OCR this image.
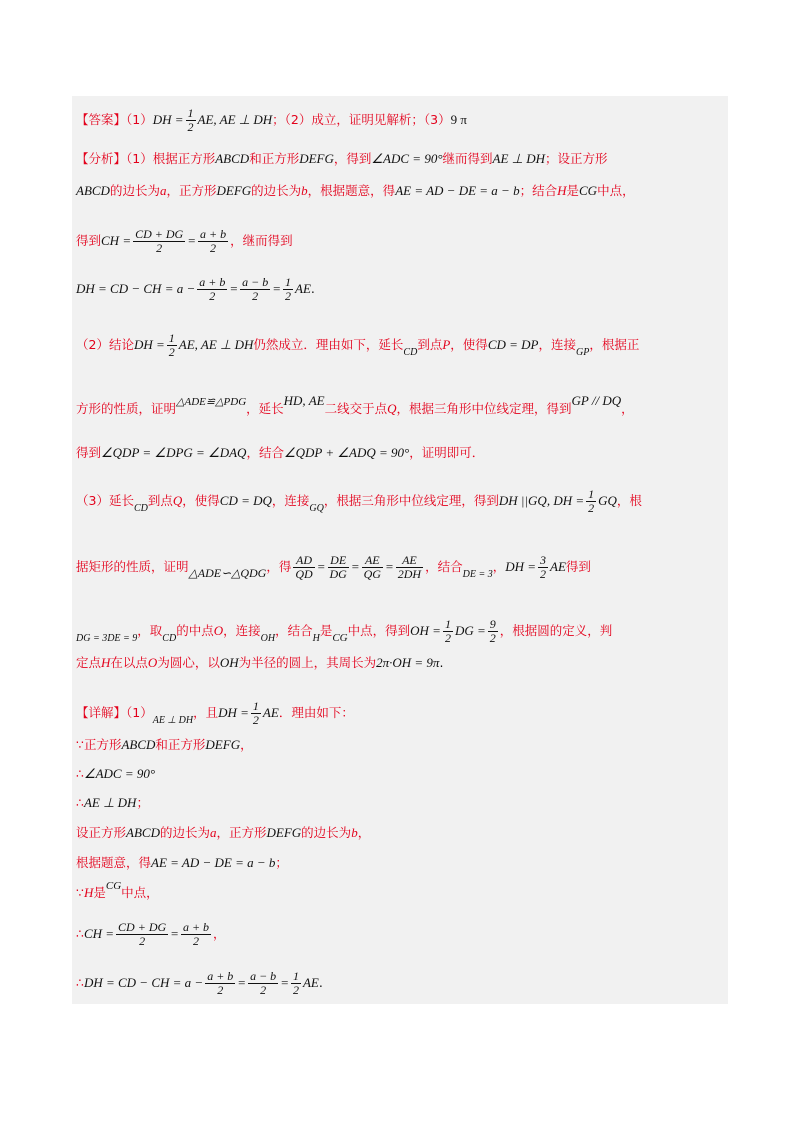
【答案】$(1)DH = \frac{1}{2}$ AE, AE ⊥ DH；（2）成立，证明见解析；（3）9 π
【分析】（1）根据正方形ABCD和正方形DEFG，得到∠ADC = 90°继而得到AE ⊥ DH；设正方形
ABCD的边长为a，正方形DEFG的边长为b，根据题意，得AE = AD − DE = a − b；结合H是CG中点，
得到CH = $\frac{CD + DG}{2} = \frac{a + b}{2}$ ，继而得到
DH = CD − CH = $a - \frac{a + b}{2} = \frac{a - b}{2} = \frac{1}{2}$ AE.
（2）结论DH = $\frac{1}{2}$ AE, AE ⊥ DH仍然成立．理由如下，延长$_{CD}$到点P，使得CD = DP，连接$_{GP}$，根据正
方形的性质，证明△ADE≌△PDG，延长HD, AE二线交于点Q，根据三角形中位线定理，得到GP // DQ，
得到∠QDP = ∠DPG = ∠DAQ，结合∠QDP + ∠ADQ = 90°，证明即可．
（3）延长$_{CD}$到点Q，使得CD = DQ，连接$_{GQ}$，根据三角形中位线定理，得到DH ||GQ, DH = $\frac{1}{2}$ GQ，根
据矩形的性质，证明△ADE∽△QDG，得 $\frac{AD}{QD} = \frac{DE}{DG} = \frac{AE}{QG} = \frac{AE}{2DH}$ ，结合$_{DE = 3}$，DH = $\frac{3}{2}$ AE得到
$_{DG = 3DE = 9}$，取$_{CD}$的中点O，连接$_{OH}$，结合$_H$是CG中点，得到OH = $\frac{1}{2}$ DG = $\frac{9}{2}$ ，根据圆的定义，判
定点H在以点O为圆心，以OH为半径的圆上，其周长为2π·OH = 9π.
【详解】$(1)_{AE \perp DH}$，且DH = $\frac{1}{2}$ AE．理由如下：
∵正方形ABCD和正方形DEFG，
∴∠ADC = 90°
∴AE ⊥ DH；
设正方形ABCD的边长为a，正方形DEFG的边长为b，
根据题意，得AE = AD − DE = a − b；
∵H是CG中点，
∴CH = $\frac{CD + DG}{2} = \frac{a + b}{2}$ ，
∴DH = CD − CH = $a - \frac{a + b}{2} = \frac{a - b}{2} = \frac{1}{2}$ AE.
